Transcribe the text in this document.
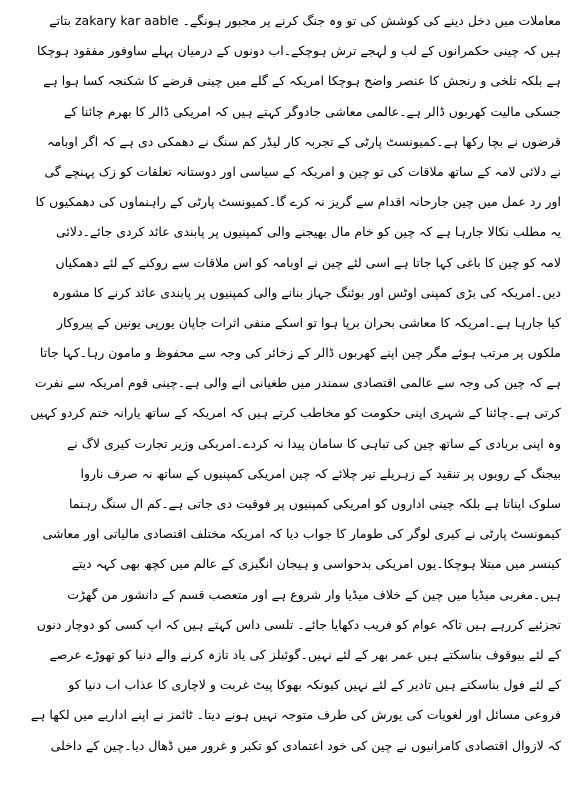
معاملات میں دخل دینے کی کوشش کی تو وہ جنگ کرنے پر مجبور ہونگے۔ zakary kar aable بتاتے
ہیں کہ چینی حکمرانوں کے لب و لہجے ترش ہوچکے۔اب دونوں کے درمیان پہلے ساوفور مفقود ہوچکا
ہے بلکہ تلخی و رنجش کا عنصر واضح ہوچکا امریکہ کے گلے میں چینی قرضے کا شکنجہ کسا ہوا ہے
جسکی مالیت کھربوں ڈالر ہے۔عالمی معاشی جادوگر کہتے ہیں کہ امریکی ڈالر کا بھرم چائنا کے
قرضوں نے بچا رکھا ہے۔کمیونسٹ پارٹی کے تجربہ کار لیڈر کم سنگ نے دھمکی دی ہے کہ اگر اوبامہ
نے دلائی لامہ کے ساتھ ملاقات کی تو چین و امریکہ کے سیاسی اور دوستانہ تعلقات کو زک پہنچے گی
اور رد عمل میں چین جارحانہ اقدام سے گریز نہ کرے گا۔کمیونسٹ پارٹی کے راہنماوں کی دھمکیوں کا
یہ مطلب نکالا جارہا ہے کہ چین کو خام مال بھیجنے والی کمپنیوں پر پابندی عائد کردی جائے۔دلائی
لامہ کو چین کا باغی کہا جاتا ہے اسی لئے چین نے اوبامہ کو اس ملاقات سے روکنے کے لئے دھمکیاں
دیں۔امریکہ کی بڑی کمپنی اوٹس اور بوئنگ جہاز بنانے والی کمپنیوں پر پابندی عائد کرنے کا مشورہ
کیا جارہا ہے۔امریکہ کا معاشی بحران برپا ہوا تو اسکے منفی اثرات جاپان یورپی یونین کے پیروکار
ملکوں پر مرتب ہوئے مگر چین اپنے کھربوں ڈالر کے زخائر کی وجہ سے محفوظ و مامون رہا۔کہا جاتا
ہے کہ چین کی وجہ سے عالمی اقتصادی سمندر میں طغیانی انے والی ہے۔چینی قوم امریکہ سے نفرت
کرتی ہے۔چائنا کے شہری اپنی حکومت کو مخاطب کرتے ہیں کہ امریکہ کے ساتھ یارانہ ختم کردو کہیں
وہ اپنی بربادی کے ساتھ چین کی تباہی کا سامان پیدا نہ کردے۔امریکی وزیر تجارت کیری لاگ نے
بیجنگ کے رویوں پر تنقید کے زہریلے تیر چلائے کہ چین امریکی کمپنیوں کے ساتھ نہ صرف ناروا
سلوک اپناتا ہے بلکہ چینی اداروں کو امریکی کمپنیوں پر فوقیت دی جاتی ہے۔کم ال سنگ رہنما
کیمونسٹ پارٹی نے کیری لوگر کی طومار کا جواب دیا کہ امریکہ مختلف اقتصادی مالیاتی اور معاشی
کینسر میں مبتلا ہوچکا۔یوں امریکی بدحواسی و ہیجان انگیزی کے عالم میں کچھ بھی کہہ دیتے
ہیں۔مغربی میڈیا میں چین کے خلاف میڈیا وار شروع ہے اور متعصب قسم کے دانشور من گھڑت
تجزئیے کررہے ہیں تاکہ عوام کو فریب دکھایا جائے۔ تلسی داس کہتے ہیں کہ اپ کسی کو دوچار دنوں
کے لئے بیوقوف بناسکتے ہیں عمر بھر کے لئے نہیں۔گوئبلز کی یاد تازہ کرنے والے دنیا کو تھوڑے عرصے
کے لئے فول بناسکتے ہیں تادیر کے لئے نہیں کیونکہ بھوکا پیٹ غربت و لاچاری کا عذاب اب دنیا کو
فروعی مسائل اور لغویات کی یورش کی طرف متوجہ نہیں ہونے دیتا۔ ٹائمز نے اپنے اداریے میں لکھا ہے
کہ لازوال اقتصادی کامرانیوں نے چین کی خود اعتمادی کو تکبر و غرور میں ڈھال دیا۔چین کے داخلی
